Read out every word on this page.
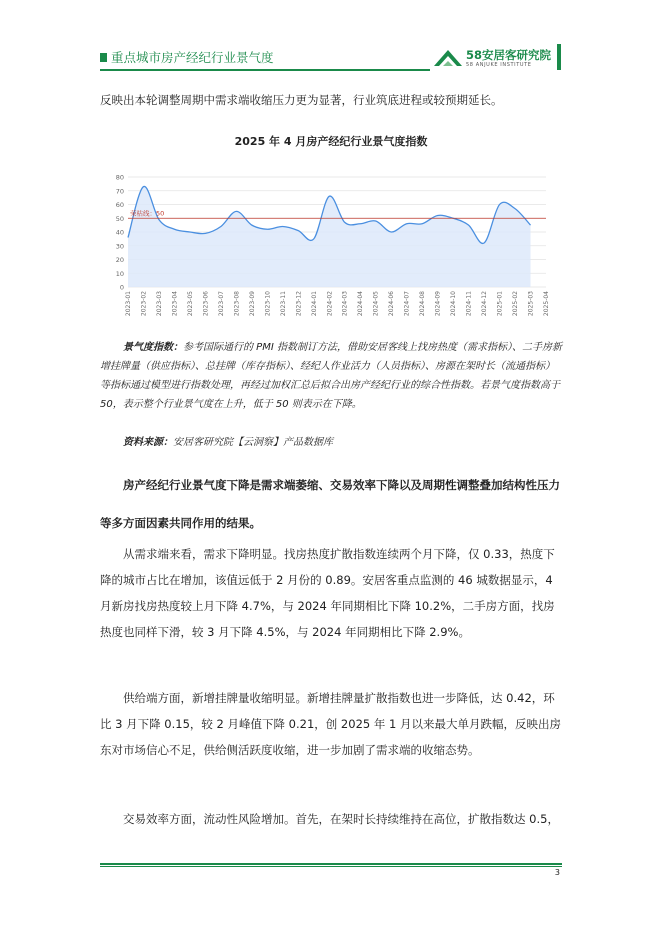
重点城市房产经纪行业景气度	58安居客研究院
58 ANJUKE INSTITUTE

反映出本轮调整周期中需求端收缩压力更为显著，行业筑底进程或较预期延长。

2025 年 4 月房产经纪行业景气度指数
0
10
20
30
40
50
60
70
80
荣枯线：50
2023-01 2023-02 2023-03 2023-04 2023-05 2023-06 2023-07 2023-08 2023-09 2023-10 2023-11 2023-12 2024-01 2024-02 2024-03 2024-04 2024-05 2024-06 2024-07 2024-08 2024-09 2024-10 2024-11 2024-12 2025-01 2025-02 2025-03 2025-04

景气度指数：参考国际通行的 PMI 指数制订方法，借助安居客线上找房热度（需求指标）、二手房新增挂牌量（供应指标）、总挂牌（库存指标）、经纪人作业活力（人员指标）、房源在架时长（流通指标）等指标通过模型进行指数处理，再经过加权汇总后拟合出房产经纪行业的综合性指数。若景气度指数高于 50，表示整个行业景气度在上升，低于 50 则表示在下降。

资料来源：安居客研究院【云洞察】产品数据库

房产经纪行业景气度下降是需求端萎缩、交易效率下降以及周期性调整叠加结构性压力等多方面因素共同作用的结果。

从需求端来看，需求下降明显。找房热度扩散指数连续两个月下降，仅 0.33，热度下降的城市占比在增加，该值远低于 2 月份的 0.89。安居客重点监测的 46 城数据显示，4 月新房找房热度较上月下降 4.7%，与 2024 年同期相比下降 10.2%，二手房方面，找房热度也同样下滑，较 3 月下降 4.5%，与 2024 年同期相比下降 2.9%。

供给端方面，新增挂牌量收缩明显。新增挂牌量扩散指数也进一步降低，达 0.42，环比 3 月下降 0.15，较 2 月峰值下降 0.21，创 2025 年 1 月以来最大单月跌幅，反映出房东对市场信心不足，供给侧活跃度收缩，进一步加剧了需求端的收缩态势。

交易效率方面，流动性风险增加。首先，在架时长持续维持在高位，扩散指数达 0.5，

3
